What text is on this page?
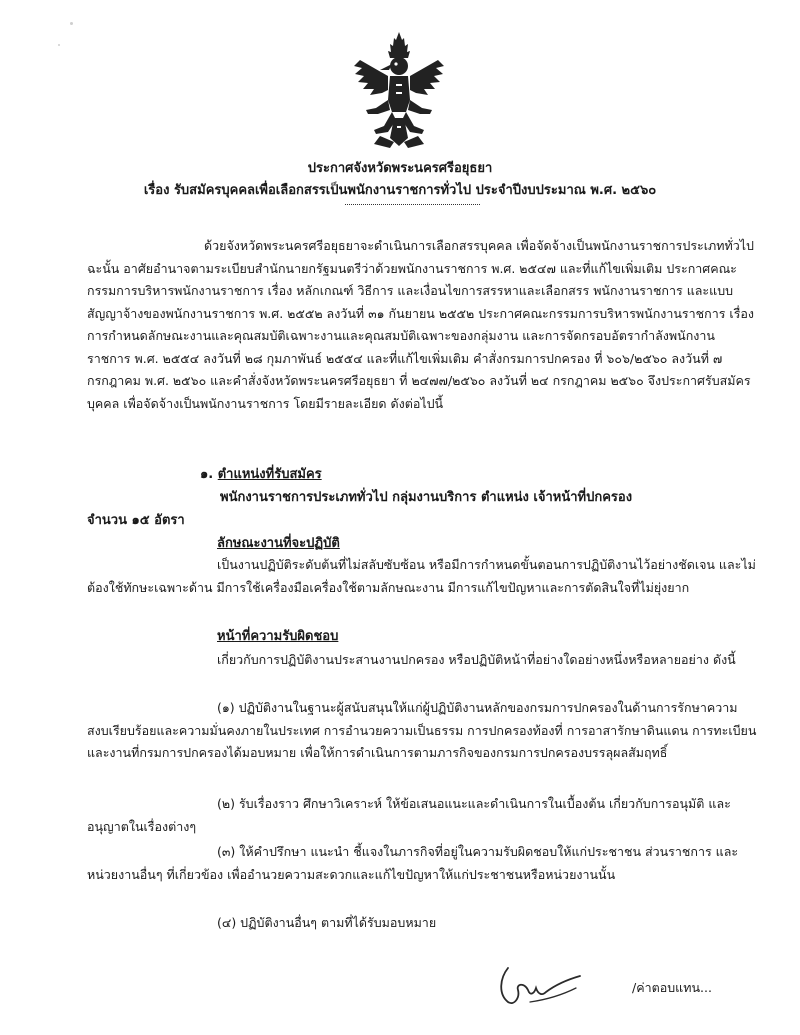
ประกาศจังหวัดพระนครศรีอยุธยา
เรื่อง รับสมัครบุคคลเพื่อเลือกสรรเป็นพนักงานราชการทั่วไป ประจำปีงบประมาณ พ.ศ. ๒๕๖๐
ด้วยจังหวัดพระนครศรีอยุธยาจะดำเนินการเลือกสรรบุคคล เพื่อจัดจ้างเป็นพนักงานราชการประเภททั่วไป ฉะนั้น อาศัยอำนาจตามระเบียบสำนักนายกรัฐมนตรีว่าด้วยพนักงานราชการ พ.ศ. ๒๕๔๗ และที่แก้ไขเพิ่มเติม ประกาศคณะกรรมการบริหารพนักงานราชการ เรื่อง หลักเกณฑ์ วิธีการ และเงื่อนไขการสรรหาและเลือกสรร พนักงานราชการ และแบบสัญญาจ้างของพนักงานราชการ พ.ศ. ๒๕๕๒ ลงวันที่ ๓๑ กันยายน ๒๕๕๒ ประกาศคณะกรรมการบริหารพนักงานราชการ เรื่อง การกำหนดลักษณะงานและคุณสมบัติเฉพาะงานและคุณสมบัติเฉพาะของกลุ่มงาน และการจัดกรอบอัตรากำลังพนักงานราชการ พ.ศ. ๒๕๕๔ ลงวันที่ ๒๘ กุมภาพันธ์ ๒๕๕๔ และที่แก้ไขเพิ่มเติม คำสั่งกรมการปกครอง ที่ ๖๐๖/๒๕๖๐ ลงวันที่ ๗ กรกฎาคม พ.ศ. ๒๕๖๐ และคำสั่งจังหวัดพระนครศรีอยุธยา ที่ ๒๔๗๗/๒๕๖๐ ลงวันที่ ๒๔ กรกฎาคม ๒๕๖๐ จึงประกาศรับสมัครบุคคล เพื่อจัดจ้างเป็นพนักงานราชการ โดยมีรายละเอียด ดังต่อไปนี้
๑. ตำแหน่งที่รับสมัคร
พนักงานราชการประเภททั่วไป กลุ่มงานบริการ ตำแหน่ง เจ้าหน้าที่ปกครอง
จำนวน ๑๕ อัตรา
ลักษณะงานที่จะปฏิบัติ
เป็นงานปฏิบัติระดับต้นที่ไม่สลับซับซ้อน หรือมีการกำหนดขั้นตอนการปฏิบัติงานไว้อย่างชัดเจน และไม่ต้องใช้ทักษะเฉพาะด้าน มีการใช้เครื่องมือเครื่องใช้ตามลักษณะงาน มีการแก้ไขปัญหาและการตัดสินใจที่ไม่ยุ่งยาก
หน้าที่ความรับผิดชอบ
เกี่ยวกับการปฏิบัติงานประสานงานปกครอง หรือปฏิบัติหน้าที่อย่างใดอย่างหนึ่งหรือหลายอย่าง ดังนี้
(๑) ปฏิบัติงานในฐานะผู้สนับสนุนให้แก่ผู้ปฏิบัติงานหลักของกรมการปกครองในด้านการรักษาความสงบเรียบร้อยและความมั่นคงภายในประเทศ การอำนวยความเป็นธรรม การปกครองท้องที่ การอาสารักษาดินแดน การทะเบียนและงานที่กรมการปกครองได้มอบหมาย เพื่อให้การดำเนินการตามภารกิจของกรมการปกครองบรรลุผลสัมฤทธิ์
(๒) รับเรื่องราว ศึกษาวิเคราะห์ ให้ข้อเสนอแนะและดำเนินการในเบื้องต้น เกี่ยวกับการอนุมัติ และอนุญาตในเรื่องต่างๆ
(๓) ให้คำปรึกษา แนะนำ ชี้แจงในภารกิจที่อยู่ในความรับผิดชอบให้แก่ประชาชน ส่วนราชการ และหน่วยงานอื่นๆ ที่เกี่ยวข้อง เพื่ออำนวยความสะดวกและแก้ไขปัญหาให้แก่ประชาชนหรือหน่วยงานนั้น
(๔) ปฏิบัติงานอื่นๆ ตามที่ได้รับมอบหมาย
/ค่าตอบแทน...
